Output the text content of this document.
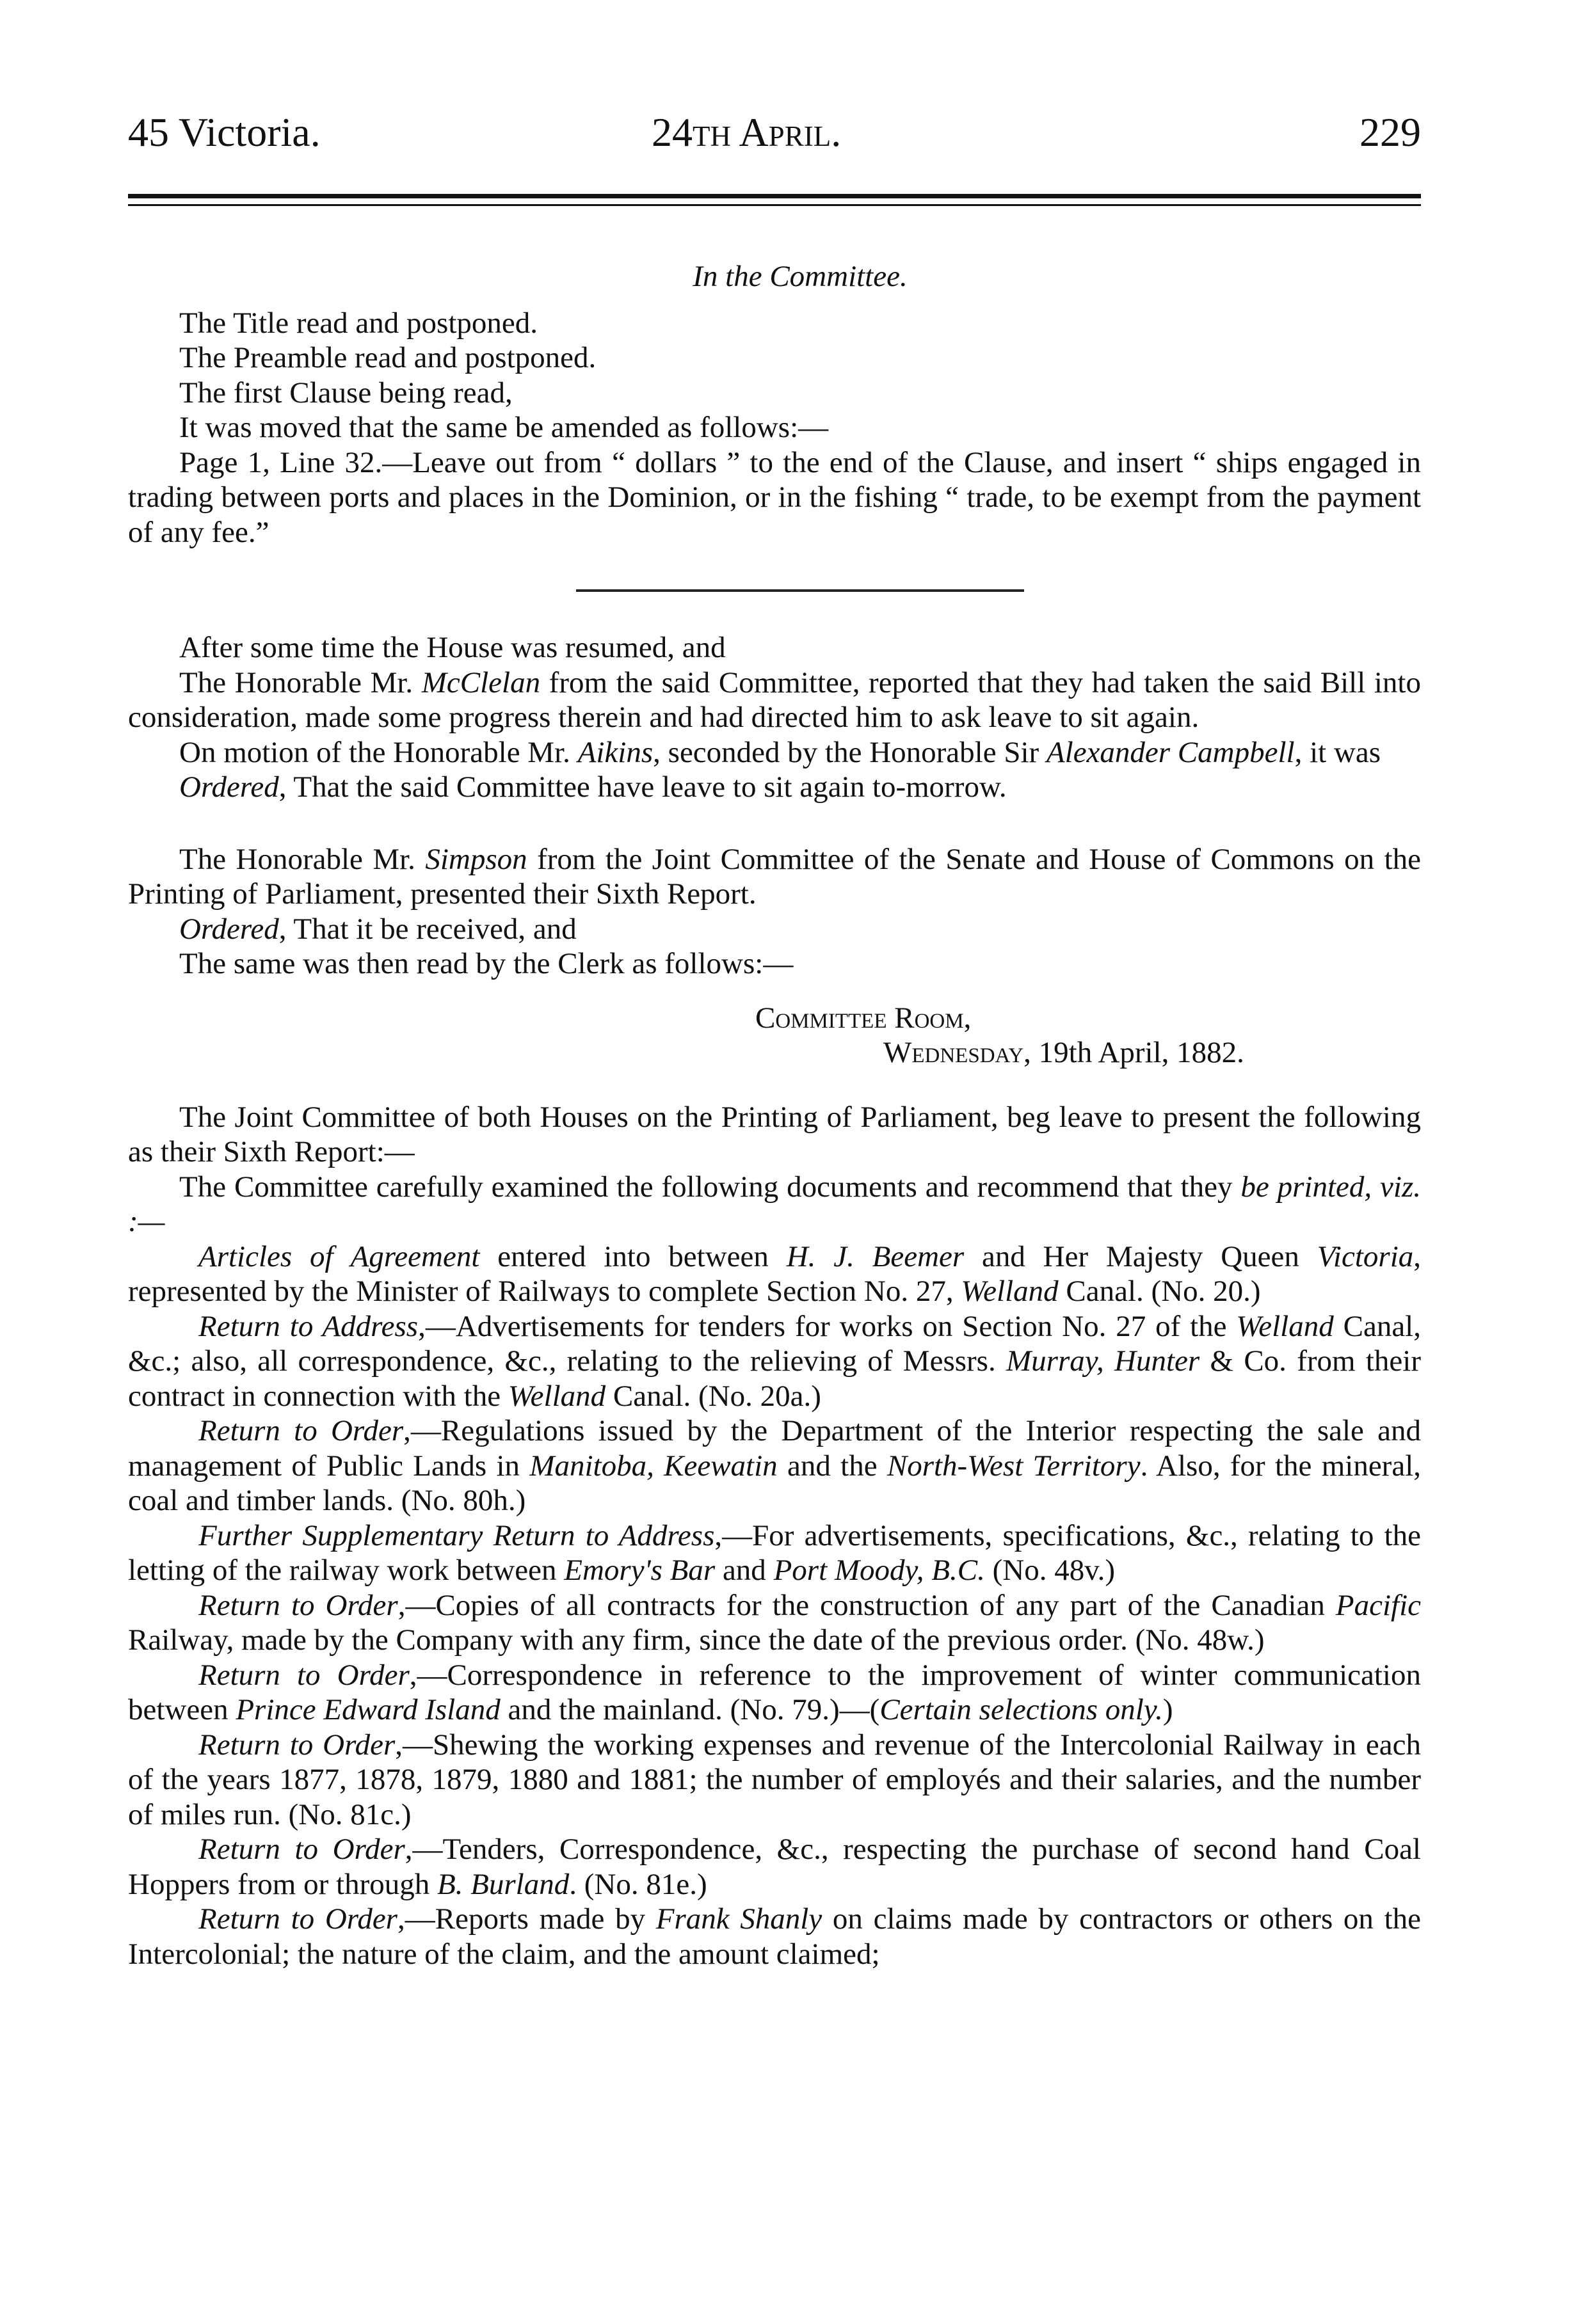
45 Victoria.	24th April.	229

In the Committee.

The Title read and postponed.

The Preamble read and postponed.

The first Clause being read,

It was moved that the same be amended as follows:—

Page 1, Line 32.—Leave out from “ dollars ” to the end of the Clause, and insert “ ships engaged in trading between ports and places in the Dominion, or in the fishing “ trade, to be exempt from the payment of any fee.”

After some time the House was resumed, and

The Honorable Mr. McClelan from the said Committee, reported that they had taken the said Bill into consideration, made some progress therein and had directed him to ask leave to sit again.

On motion of the Honorable Mr. Aikins, seconded by the Honorable Sir Alexander Campbell, it was

Ordered, That the said Committee have leave to sit again to-morrow.

The Honorable Mr. Simpson from the Joint Committee of the Senate and House of Commons on the Printing of Parliament, presented their Sixth Report.

Ordered, That it be received, and

The same was then read by the Clerk as follows:—

Committee Room,

Wednesday, 19th April, 1882.

The Joint Committee of both Houses on the Printing of Parliament, beg leave to present the following as their Sixth Report:—

The Committee carefully examined the following documents and recommend that they be printed, viz. :—

Articles of Agreement entered into between H. J. Beemer and Her Majesty Queen Victoria, represented by the Minister of Railways to complete Section No. 27, Welland Canal. (No. 20.)

Return to Address,—Advertisements for tenders for works on Section No. 27 of the Welland Canal, &c.; also, all correspondence, &c., relating to the relieving of Messrs. Murray, Hunter & Co. from their contract in connection with the Welland Canal. (No. 20a.)

Return to Order,—Regulations issued by the Department of the Interior respecting the sale and management of Public Lands in Manitoba, Keewatin and the North-West Territory. Also, for the mineral, coal and timber lands. (No. 80h.)

Further Supplementary Return to Address,—For advertisements, specifications, &c., relating to the letting of the railway work between Emory's Bar and Port Moody, B.C. (No. 48v.)

Return to Order,—Copies of all contracts for the construction of any part of the Canadian Pacific Railway, made by the Company with any firm, since the date of the previous order. (No. 48w.)

Return to Order,—Correspondence in reference to the improvement of winter communication between Prince Edward Island and the mainland. (No. 79.)—(Certain selections only.)

Return to Order,—Shewing the working expenses and revenue of the Intercolonial Railway in each of the years 1877, 1878, 1879, 1880 and 1881; the number of employés and their salaries, and the number of miles run. (No. 81c.)

Return to Order,—Tenders, Correspondence, &c., respecting the purchase of second hand Coal Hoppers from or through B. Burland. (No. 81e.)

Return to Order,—Reports made by Frank Shanly on claims made by contractors or others on the Intercolonial; the nature of the claim, and the amount claimed;
